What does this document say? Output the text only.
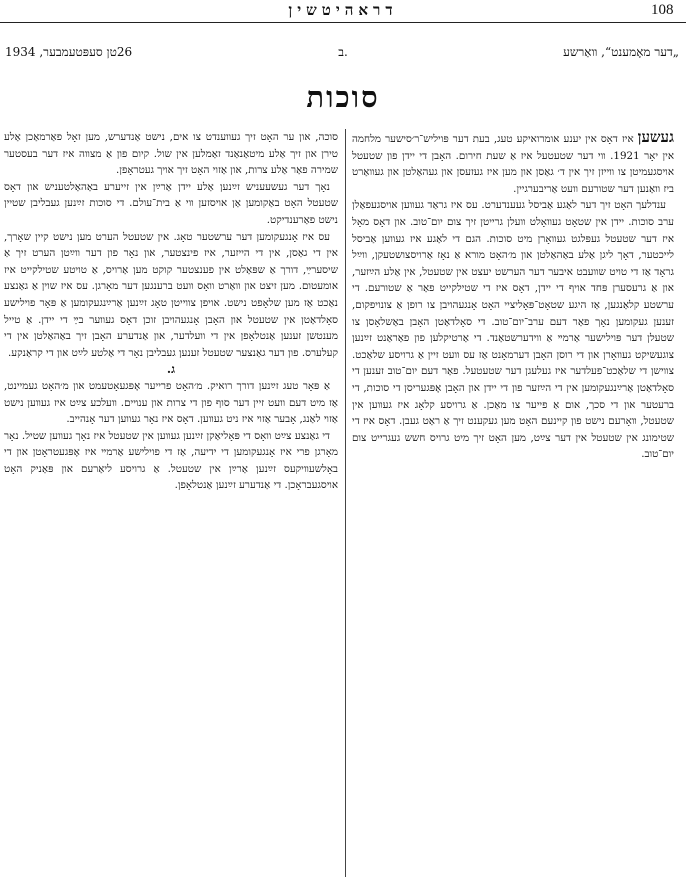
דראהיטשין	108
„דער מאָמענט“, װאַרשע
ב.
26טן סעפּטעמבער, 1934
סוכות

געשעןאיז דאָס אין יענע אומרואיקע טעג, בעת דער פּויליש־ר׳סישער מלחמה אין יאָר 1921. װי דער שטעטעל איז אַ שעת חירום. האָבן די יידן פון שטעטל אויסגעמיטן צו װייזן זיך אין ד׳ גאַסן און מען איז געזעסן און געהאַלטן און געװאַרט ביז װאַנען דער שטורעם װעט אַריבערגיין.

ענדלעך האָט זיך דער לאַגע אַביסל געענדערט. עס איז גראַד געװען אויסגעפאַלן ערב סוכות. יידן אין שטאָט געװאָלט װעלן גרייטן זיך צום יום־טוב. און דאָס מאָל איז דער שטעטל געפּלגט געװאָרן מיט סוכות. הגם די לאַגע איז געװען אַביסל לייכטער, דאָך ליגן אַלע באַהאַלטן און מ׳האָט מורא אַ נאָז אַרויסצושטעקן, װײַל גראָד אַז די טויט שװעבט איבער דער הערשט יעצט אין שטעטל, אין אַלע הײַזער, און אַ גרעסערן פּחד אויף די יידן, דאָס איז די שטילקייט פאַר אַ שטורעם. די ערשטע קלאַנגען, אַז היגע שטאָט־פּאָליציי האָט אָנגעהויבן צו רופן אַ צונויפקום, זענען געקומען נאָך פאַר דעם ערב־יום־טוב. די סאָלדאַטן האָבן באַשלאָסן צו שטעלן דער פּוילישער אַרמײ אַ װידערשטאַנד. די אַרטיקלען פון פאַראַנט זײַנען צוגעשיקט געװאָרן און די רוסן האָבן דערמאָנט אַז עס װעט זיין אַ גרויסע שלאַכט. צװישן די שלאַכט־פעלדער איז געלעגן דער שטעטעל. פאַר דעם יום־טוב זענען די סאָלדאַטן אַרײַנגעקומען אין די הײַזער פון די יידן און האָבן אָפּגעריסן די סוכות, די ברעטער און די סכך, אום אַ פייער צו מאַכן. אַ גרויסע קלאָג איז געװען אין שטעטל, װאָרעם נישט פון קיינעם האָט מען געקענט זיך אַ ראַט געבן. דאָס איז די שטימונג אין שטעטל אין דער צײַט, מען האָט זיך מיט גרויס חשש געגרייט צום יום־טוב.

סוכה, און ער האָט זיך געװענדט צו אים, נישט אַנדערש, מען זאָל פאַרמאַכן אַלע טירן און זיך אַלע מיטאַנאַנד זאַמלען אין שול. קיום פון אַ מצװה איז דער בעסטער שמירה פאַר אַלע צרות, און אַזוי האָט זיך אויך געטראָפן.

נאָך דער געשעעניש זײַנען אַלע יידן אַרײַן אין זייערע באַהאַלטעניש און דאָס שטעטל האָט באַקומען אַן אויסזען װי אַ בית־עולם. די סוכות זײַנען געבליבן שטיין נישט פאַרענדיקט.

עס איז אָנגעקומען דער ערשטער טאָג. אין שטעטל הערט מען נישט קיין שאָרך, אין די גאַסן, אין די הייזער, איז פינצטער, און נאָר פון דער װײַטן הערט זיך אַ שיסערײַ, דורך אַ שפּאַלט אין פענצטער קוקט מען אַרויס, אַ טויטע שטילקייט איז אומעטום. מען זיצט און װאַרט װאָס װעט ברענגען דער מאָרגן. עס איז שוין אַ גאַנצע נאַכט אַז מען שלאָפט נישט. אויפן צװייטן טאָג זײַנען אַרײַנגעקומען אַ פּאָר פוילישע סאָלדאַטן אין שטעטל און האָבן אָנגעהויבן זוכן דאָס געװער בײַ די יידן. אַ טייל מענטשן זענען אַנטלאָפן אין די װעלדער, און אַנדערע האָבן זיך באַהאַלטן אין די קעלערס. פון דער גאַנצער שטעטל זענען געבליבן נאָר די אַלטע לײַט און די קראַנקע.

ג.

אַ פּאָר טעג זײַנען דורך רואיק. מ׳האָט פרייער אָפּגעאָטעמט און מ׳האָט געמיינט, אַז מיט דעם װעט זיין דער סוף פון די צרות און ענױים. װעלכע צײַט איז געװען נישט אַזױ לאַנג, אָבער אַזױ איז ניט געװען. דאָס איז נאָר געװען דער אָנהייב.

די גאַנצע צײַט װאָס די פּאָליאַקן זײַנען געװען אין שטעטל איז נאָך געװען שטיל. נאָר מאָרגן פרי איז אָנגעקומען די ידיעה, אַז די פוילישע אַרמײ איז אָפּגעטראָטן און די באָלשעװיקעס זײַנען אַרײַן אין שטעטל. אַ גרויסע ליאַרעם און פּאַניק האָט אױסגעבראָכן. די אַנדערע זײַנען אַנטלאָפן.
